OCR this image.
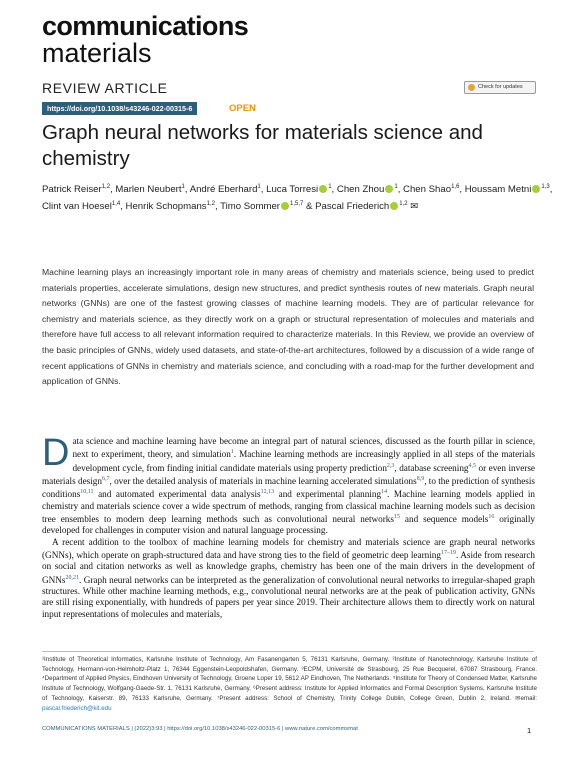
communications
materials
REVIEW ARTICLE	Check for updates
https://doi.org/10.1038/s43246-022-00315-6	OPEN
Graph neural networks for materials science and chemistry
Patrick Reiser$^{1,2}$, Marlen Neubert$^1$, André Eberhard$^1$, Luca Torresi $^1$, Chen Zhou $^1$, Chen Shao$^{1,6}$, Houssam Metni $^{1,3}$, Clint van Hoesel$^{1,4}$, Henrik Schopmans$^{1,2}$, Timo Sommer $^{1,5,7}$ & Pascal Friederich $^{1,2}$ ✉
Machine learning plays an increasingly important role in many areas of chemistry and materials science, being used to predict materials properties, accelerate simulations, design new structures, and predict synthesis routes of new materials. Graph neural networks (GNNs) are one of the fastest growing classes of machine learning models. They are of particular relevance for chemistry and materials science, as they directly work on a graph or structural representation of molecules and materials and therefore have full access to all relevant information required to characterize materials. In this Review, we provide an overview of the basic principles of GNNs, widely used datasets, and state-of-the-art architectures, followed by a discussion of a wide range of recent applications of GNNs in chemistry and materials science, and concluding with a road-map for the further development and application of GNNs.

Data science and machine learning have become an integral part of natural sciences, discussed as the fourth pillar in science, next to experiment, theory, and simulation$^1$. Machine learning methods are increasingly applied in all steps of the materials development cycle, from finding initial candidate materials using property prediction$^{2,3}$, database screening$^{4,5}$ or even inverse materials design$^{6,7}$, over the detailed analysis of materials in machine learning accelerated simulations$^{8,9}$, to the prediction of synthesis conditions$^{10,11}$ and automated experimental data analysis$^{12,13}$ and experimental planning$^{14}$. Machine learning models applied in chemistry and materials science cover a wide spectrum of methods, ranging from classical machine learning models such as decision tree ensembles to modern deep learning methods such as convolutional neural networks$^{15}$ and sequence models$^{16}$ originally developed for challenges in computer vision and natural language processing.

A recent addition to the toolbox of machine learning models for chemistry and materials science are graph neural networks (GNNs), which operate on graph-structured data and have strong ties to the field of geometric deep learning$^{17-19}$. Aside from research on social and citation networks as well as knowledge graphs, chemistry has been one of the main drivers in the development of GNNs$^{20,21}$. Graph neural networks can be interpreted as the generalization of convolutional neural networks to irregular-shaped graph structures. While other machine learning methods, e.g., convolutional neural networks are at the peak of publication activity, GNNs are still rising exponentially, with hundreds of papers per year since 2019. Their architecture allows them to directly work on natural input representations of molecules and materials,

¹Institute of Theoretical Informatics, Karlsruhe Institute of Technology, Am Fasanengarten 5, 76131 Karlsruhe, Germany. ²Institute of Nanotechnology, Karlsruhe Institute of Technology, Hermann-von-Helmholtz-Platz 1, 76344 Eggenstein-Leopoldshafen, Germany. ³ECPM, Université de Strasbourg, 25 Rue Becquerel, 67087 Strasbourg, France. ⁴Department of Applied Physics, Eindhoven University of Technology, Groene Loper 19, 5612 AP Eindhoven, The Netherlands. ⁵Institute for Theory of Condensed Matter, Karlsruhe Institute of Technology, Wolfgang-Gaede-Str. 1, 76131 Karlsruhe, Germany. ⁶Present address: Institute for Applied Informatics and Formal Description Systems, Karlsruhe Institute of Technology, Kaiserstr. 89, 76133 Karlsruhe, Germany. ⁷Present address: School of Chemistry, Trinity College Dublin, College Green, Dublin 2, Ireland. ✉email: pascal.friederich@kit.edu
COMMUNICATIONS MATERIALS | (2022)3:93 | https://doi.org/10.1038/s43246-022-00315-6 | www.nature.com/commsmat	1
